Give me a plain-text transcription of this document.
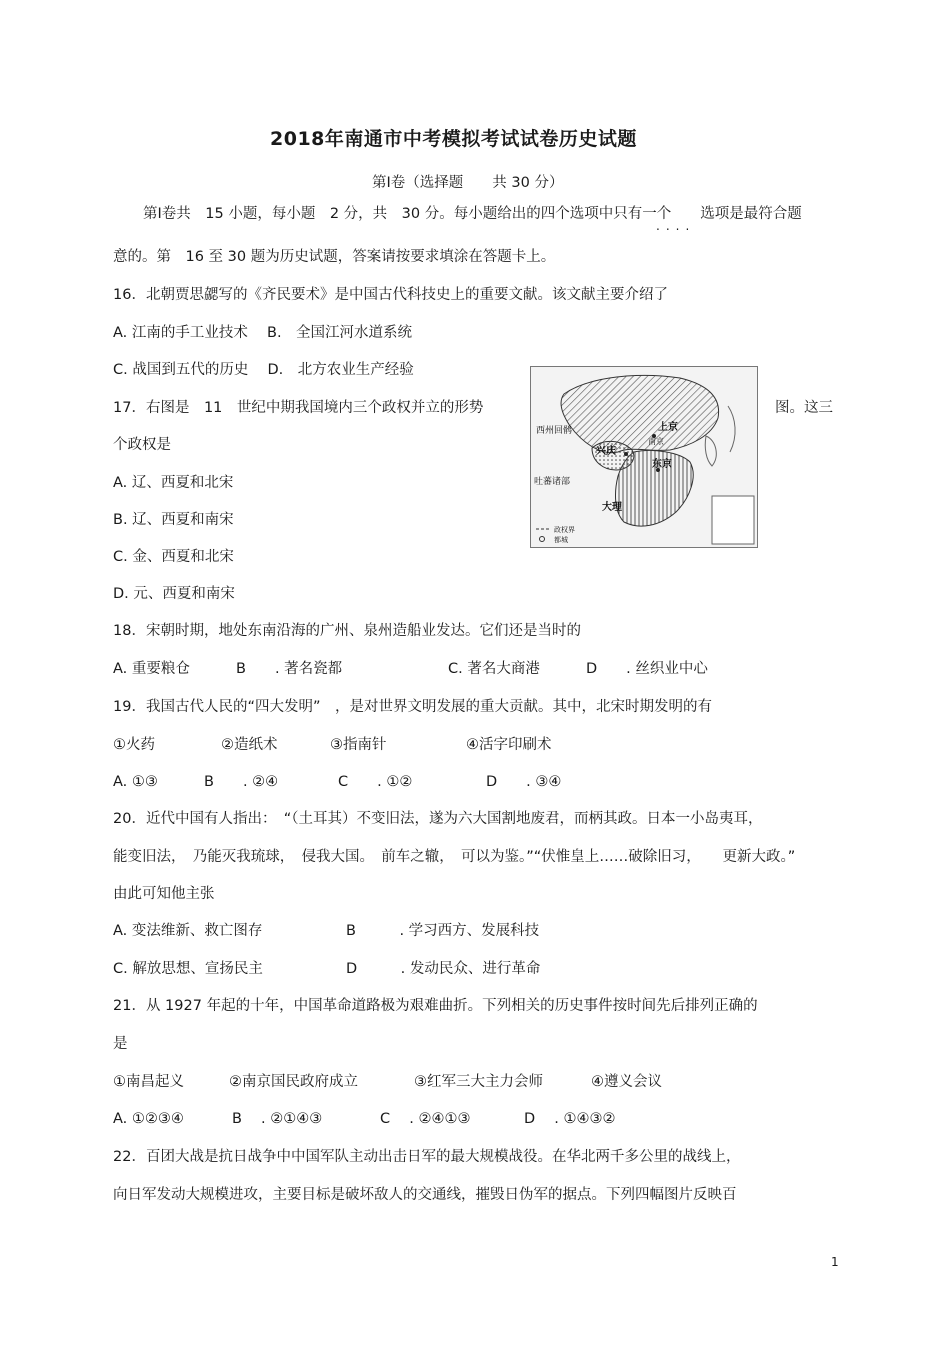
2018年南通市中考模拟考试试卷历史试题
第Ⅰ卷（选择题　　共 30 分）
第Ⅰ卷共　15 小题，每小题　2 分，共　30 分。每小题给出的四个选项中只有一个　　选项是最符合题
....
意的。第　16 至 30 题为历史试题，答案请按要求填涂在答题卡上。
16．北朝贾思勰写的《齐民要术》是中国古代科技史上的重要文献。该文献主要介绍了
A. 江南的手工业技术　 B.　全国江河水道系统
C. 战国到五代的历史　 D.　北方农业生产经验
17．右图是　11　世纪中期我国境内三个政权并立的形势	图。这三
个政权是
A. 辽、西夏和北宋
B. 辽、西夏和南宋
C. 金、西夏和北宋
D. 元、西夏和南宋
西州回鹘	上京
南京
兴庆
东京
吐蕃诸部
大理
政权界
都城
18．宋朝时期，地处东南沿海的广州、泉州造船业发达。它们还是当时的
A. 重要粮仓	B　　. 著名瓷都	C. 著名大商港	D　　. 丝织业中心
19．我国古代人民的“四大发明”　，是对世界文明发展的重大贡献。其中，北宋时期发明的有
①火药	②造纸术	③指南针	④活字印刷术
A. ①③	B　　. ②④	C　　. ①②	D　　. ③④
20．近代中国有人指出：　“（土耳其）不变旧法，遂为六大国割地废君，而柄其政。日本一小岛夷耳，
能变旧法，　乃能灭我琉球，　侵我大国。　前车之辙，　可以为鉴。”“伏惟皇上……破除旧习，　　更新大政。”
由此可知他主张
A. 变法维新、救亡图存	B　　　. 学习西方、发展科技
C. 解放思想、宣扬民主	D　　　. 发动民众、进行革命
21．从 1927 年起的十年，中国革命道路极为艰难曲折。下列相关的历史事件按时间先后排列正确的
是
①南昌起义	②南京国民政府成立	③红军三大主力会师	④遵义会议
A. ①②③④	B　 . ②①④③	C　 . ②④①③	D　 . ①④③②
22．百团大战是抗日战争中中国军队主动出击日军的最大规模战役。在华北两千多公里的战线上，
向日军发动大规模进攻，主要目标是破坏敌人的交通线，摧毁日伪军的据点。下列四幅图片反映百
1
